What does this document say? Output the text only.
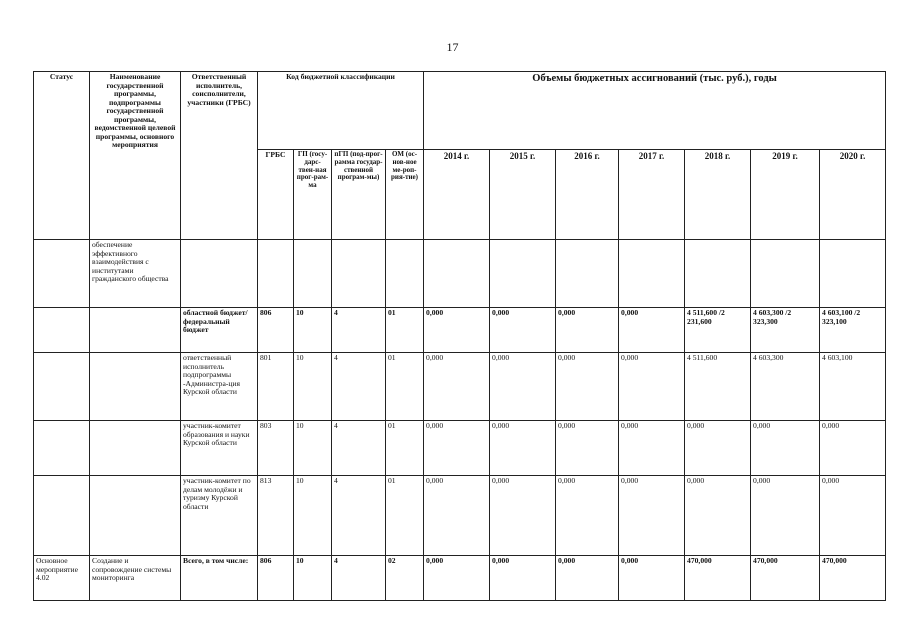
17
Статус	Наименование государственной программы, подпрограммы государственной программы, ведомственной целевой программы, основного мероприятия	Ответственный исполнитель, соисполнители, участники (ГРБС)	Код бюджетной классификации				Объемы бюджетных ассигнований (тыс. руб.), годы						
			ГРБС	ГП (госу-дарс-твен-ная прог-рам-ма	пГП (под-прог-рамма государ-ственной програм-мы)	ОМ (ос-нов-ное ме-роп-рия-тие)	2014 г.	2015 г.	2016 г.	2017 г.	2018 г.	2019 г.	2020 г.
	обеспечение эффективного взаимодействия с институтами гражданского общества												
		областной бюджет/ федеральный бюджет	806	10	4	01	0,000	0,000	0,000	0,000	4 511,600 /2 231,600	4 603,300 /2 323,300	4 603,100 /2 323,100
		ответственный исполнитель подпрограммы -Администра-ция Курской области	801	10	4	01	0,000	0,000	0,000	0,000	4 511,600	4 603,300	4 603,100
		участник-комитет образования и науки Курской области	803	10	4	01	0,000	0,000	0,000	0,000	0,000	0,000	0,000
		участник-комитет по делам молодёжи и туризму Курской области	813	10	4	01	0,000	0,000	0,000	0,000	0,000	0,000	0,000
Основное мероприятие 4.02	Создание и сопровождение системы мониторинга	Всего, в том числе:	806	10	4	02	0,000	0,000	0,000	0,000	470,000	470,000	470,000
